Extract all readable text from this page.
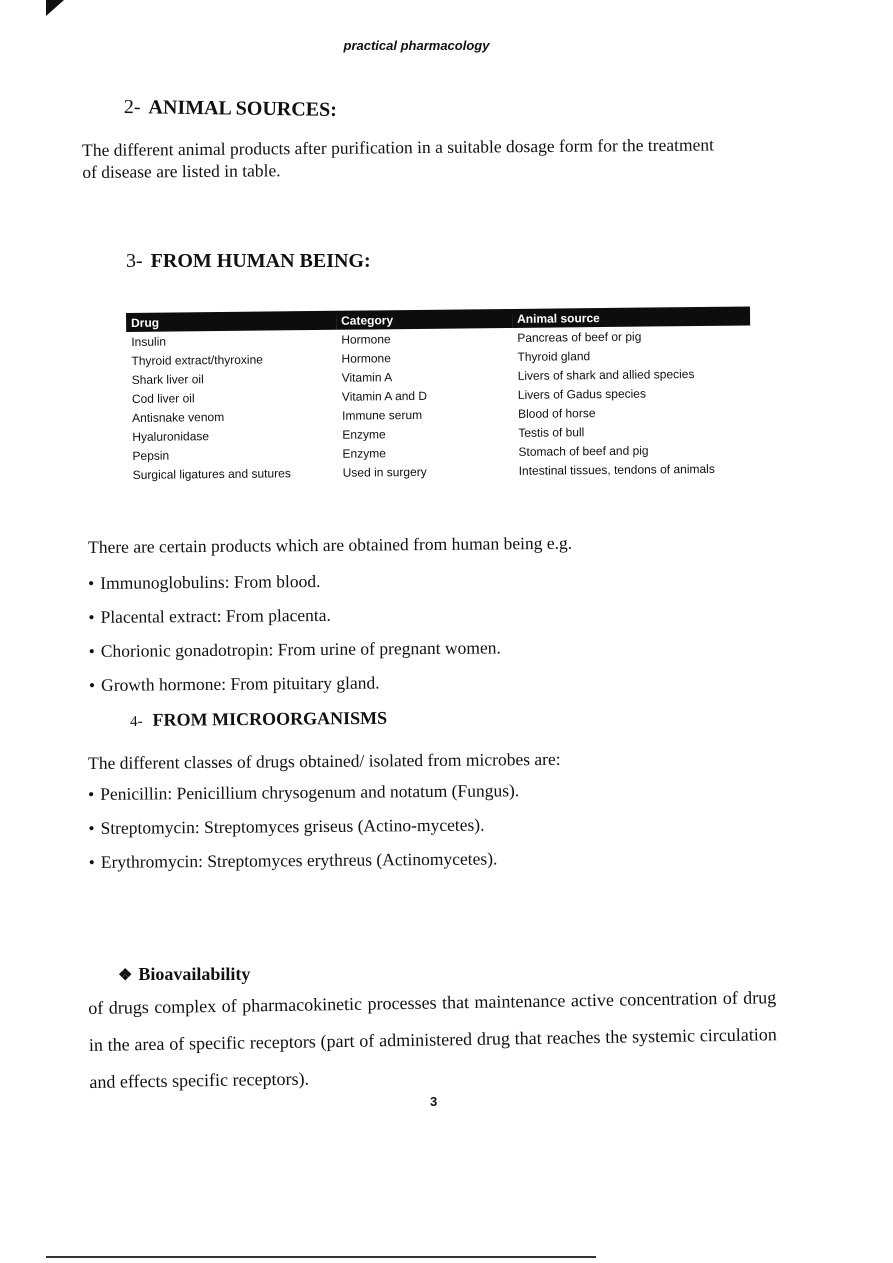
practical pharmacology
2- ANIMAL SOURCES:
The different animal products after purification in a suitable dosage form for the treatment of disease are listed in table.
3- FROM HUMAN BEING:
Drug	Category	Animal source
Insulin	Hormone	Pancreas of beef or pig
Thyroid extract/thyroxine	Hormone	Thyroid gland
Shark liver oil	Vitamin A	Livers of shark and allied species
Cod liver oil	Vitamin A and D	Livers of Gadus species
Antisnake venom	Immune serum	Blood of horse
Hyaluronidase	Enzyme	Testis of bull
Pepsin	Enzyme	Stomach of beef and pig
Surgical ligatures and sutures	Used in surgery	Intestinal tissues, tendons of animals
There are certain products which are obtained from human being e.g.
• Immunoglobulins: From blood.
• Placental extract: From placenta.
• Chorionic gonadotropin: From urine of pregnant women.
• Growth hormone: From pituitary gland.
4- FROM MICROORGANISMS
The different classes of drugs obtained/ isolated from microbes are:
• Penicillin: Penicillium chrysogenum and notatum (Fungus).
• Streptomycin: Streptomyces griseus (Actino-mycetes).
• Erythromycin: Streptomyces erythreus (Actinomycetes).
❖ Bioavailability
of drugs complex of pharmacokinetic processes that maintenance active concentration of drug in the area of specific receptors (part of administered drug that reaches the systemic circulation and effects specific receptors).
3
